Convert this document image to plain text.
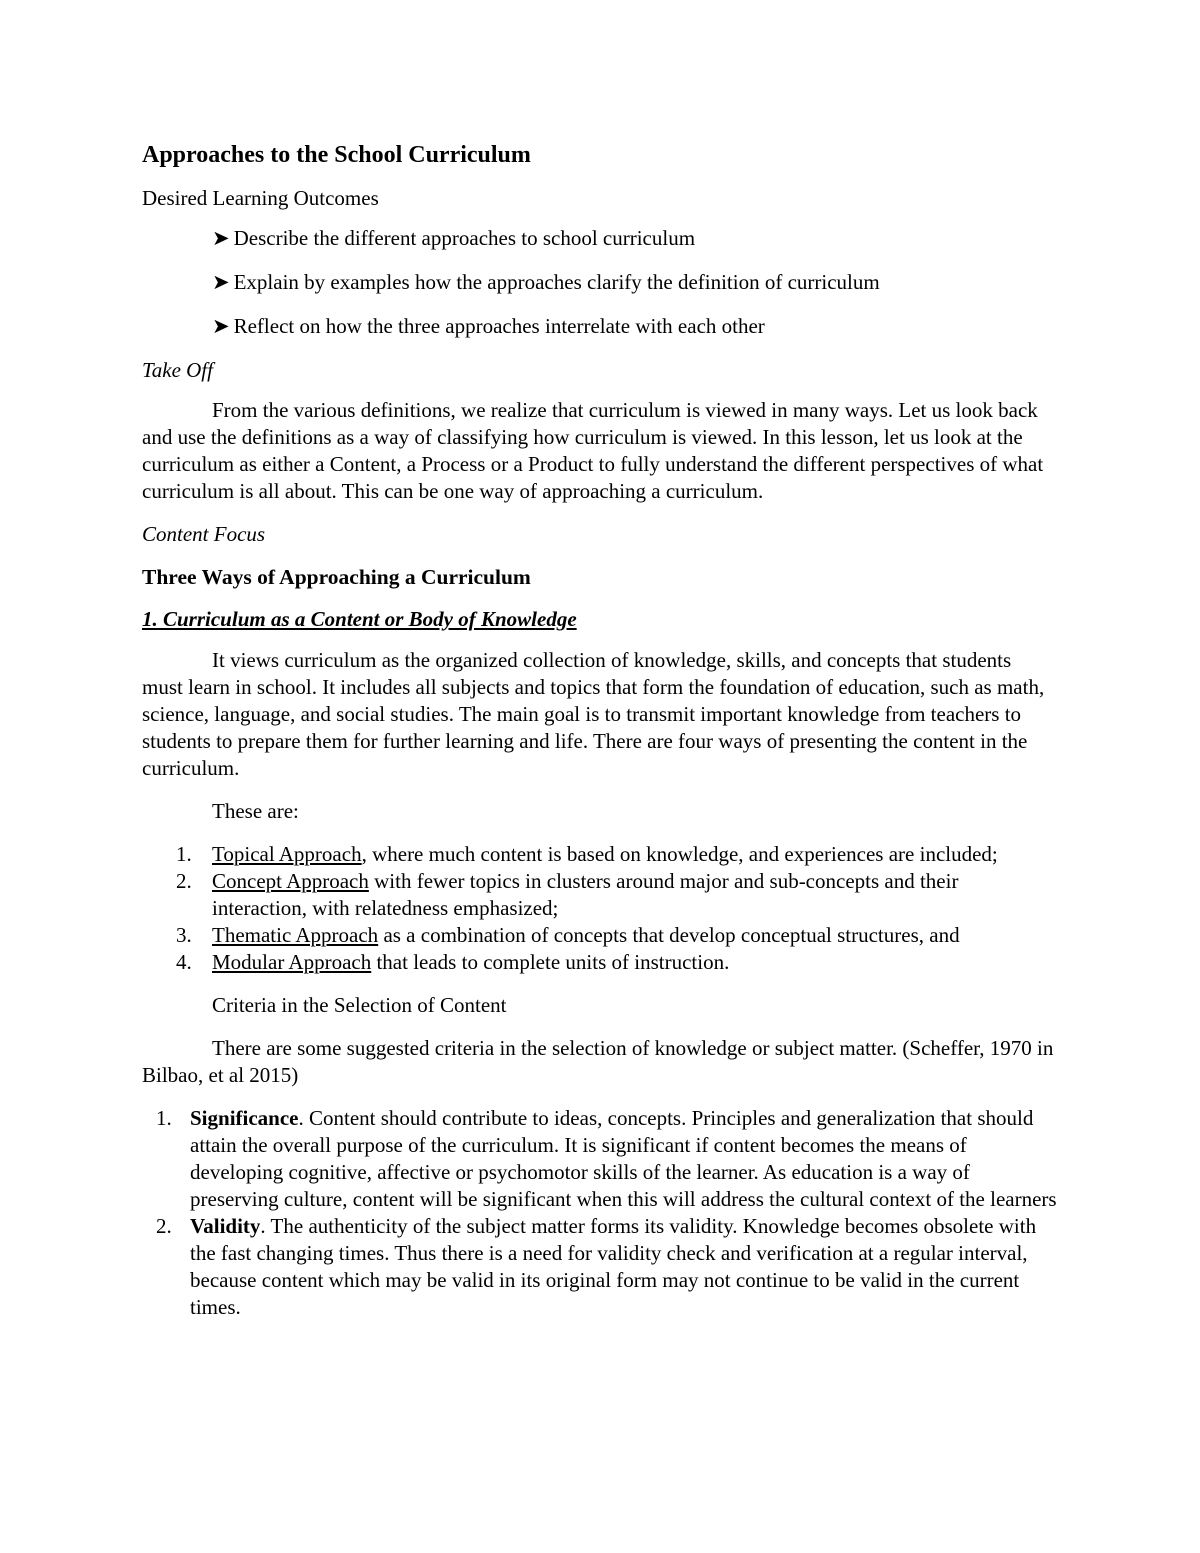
Approaches to the School Curriculum
Desired Learning Outcomes
➤ Describe the different approaches to school curriculum
➤ Explain by examples how the approaches clarify the definition of curriculum
➤ Reflect on how the three approaches interrelate with each other
Take Off
From the various definitions, we realize that curriculum is viewed in many ways. Let us look back and use the definitions as a way of classifying how curriculum is viewed. In this lesson, let us look at the curriculum as either a Content, a Process or a Product to fully understand the different perspectives of what curriculum is all about. This can be one way of approaching a curriculum.
Content Focus
Three Ways of Approaching a Curriculum
1. Curriculum as a Content or Body of Knowledge
It views curriculum as the organized collection of knowledge, skills, and concepts that students must learn in school. It includes all subjects and topics that form the foundation of education, such as math, science, language, and social studies. The main goal is to transmit important knowledge from teachers to students to prepare them for further learning and life. There are four ways of presenting the content in the curriculum.
These are:
1. Topical Approach, where much content is based on knowledge, and experiences are included;
2. Concept Approach with fewer topics in clusters around major and sub-concepts and their interaction, with relatedness emphasized;
3. Thematic Approach as a combination of concepts that develop conceptual structures, and
4. Modular Approach that leads to complete units of instruction.
Criteria in the Selection of Content
There are some suggested criteria in the selection of knowledge or subject matter. (Scheffer, 1970 in Bilbao, et al 2015)
1. Significance. Content should contribute to ideas, concepts. Principles and generalization that should attain the overall purpose of the curriculum. It is significant if content becomes the means of developing cognitive, affective or psychomotor skills of the learner. As education is a way of preserving culture, content will be significant when this will address the cultural context of the learners
2. Validity. The authenticity of the subject matter forms its validity. Knowledge becomes obsolete with the fast changing times. Thus there is a need for validity check and verification at a regular interval, because content which may be valid in its original form may not continue to be valid in the current times.
